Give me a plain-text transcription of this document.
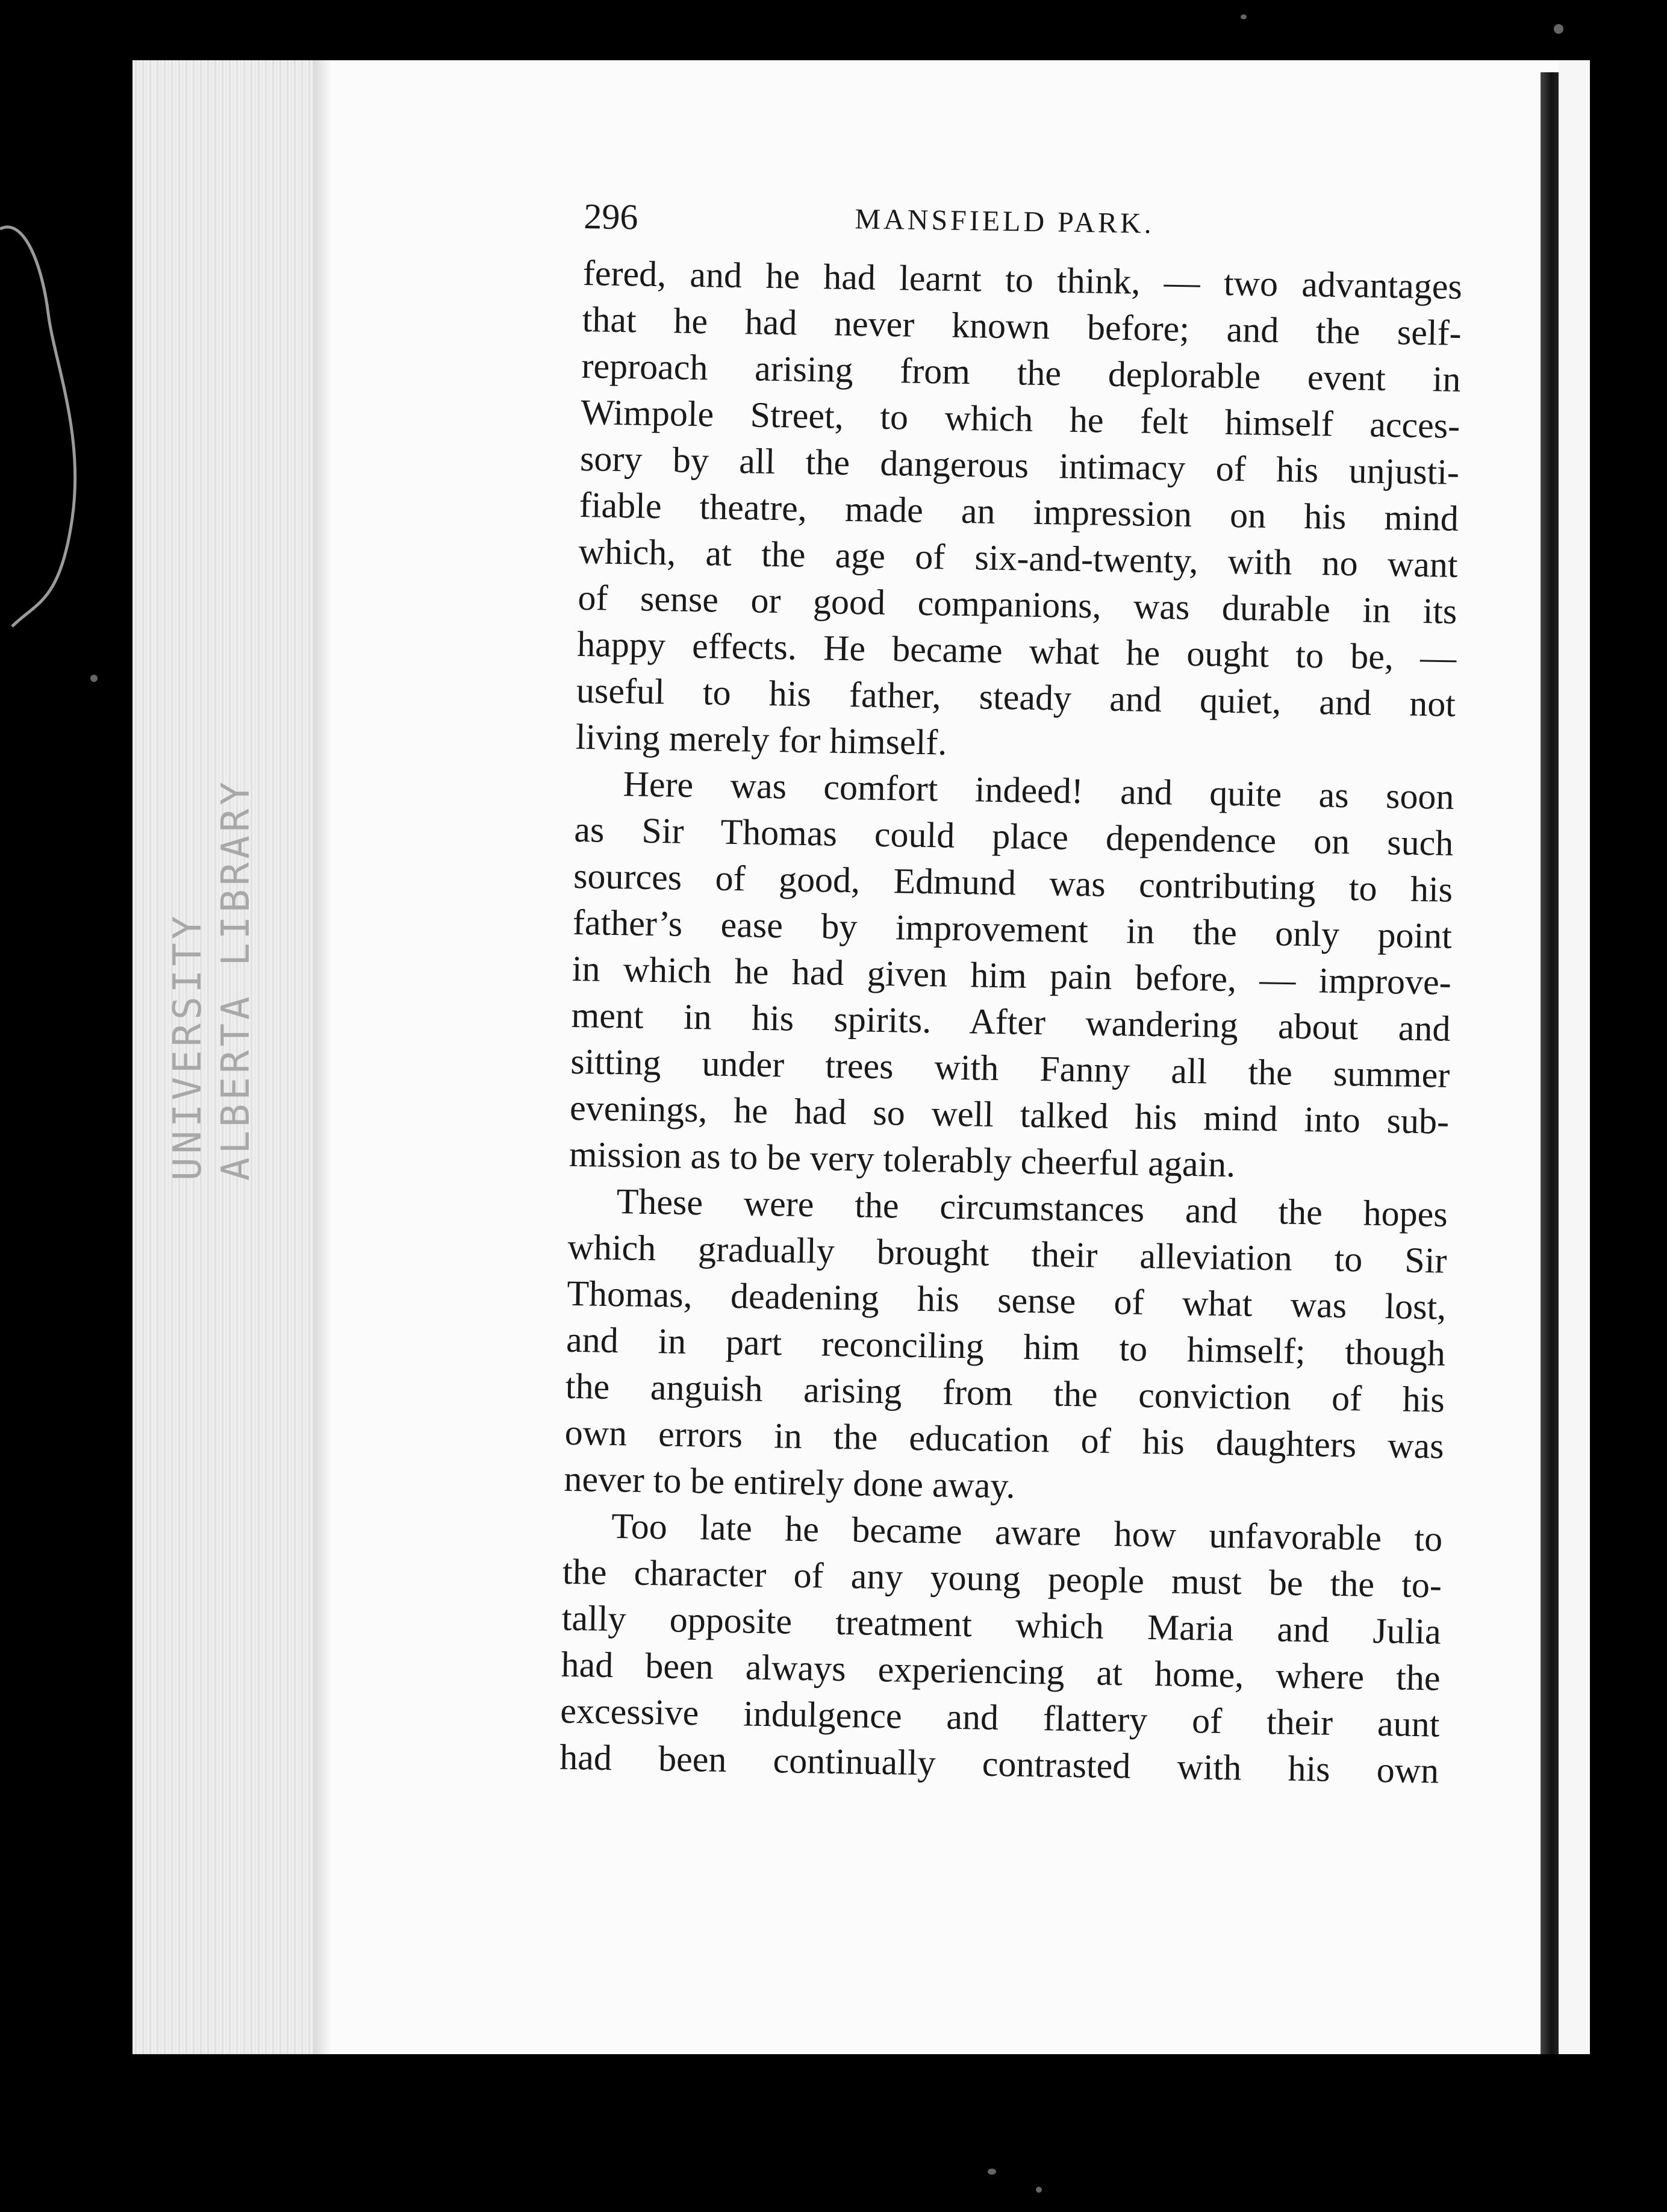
UNIVERSITY ALBERTA LIBRARY
296	MANSFIELD PARK.
fered, and he had learnt to think, — two advantages
that he had never known before; and the self-
reproach arising from the deplorable event in
Wimpole Street, to which he felt himself acces-
sory by all the dangerous intimacy of his unjusti-
fiable theatre, made an impression on his mind
which, at the age of six-and-twenty, with no want
of sense or good companions, was durable in its
happy effects. He became what he ought to be, —
useful to his father, steady and quiet, and not
living merely for himself.
Here was comfort indeed! and quite as soon
as Sir Thomas could place dependence on such
sources of good, Edmund was contributing to his
father’s ease by improvement in the only point
in which he had given him pain before, — improve-
ment in his spirits. After wandering about and
sitting under trees with Fanny all the summer
evenings, he had so well talked his mind into sub-
mission as to be very tolerably cheerful again.
These were the circumstances and the hopes
which gradually brought their alleviation to Sir
Thomas, deadening his sense of what was lost,
and in part reconciling him to himself; though
the anguish arising from the conviction of his
own errors in the education of his daughters was
never to be entirely done away.
Too late he became aware how unfavorable to
the character of any young people must be the to-
tally opposite treatment which Maria and Julia
had been always experiencing at home, where the
excessive indulgence and flattery of their aunt
had been continually contrasted with his own
